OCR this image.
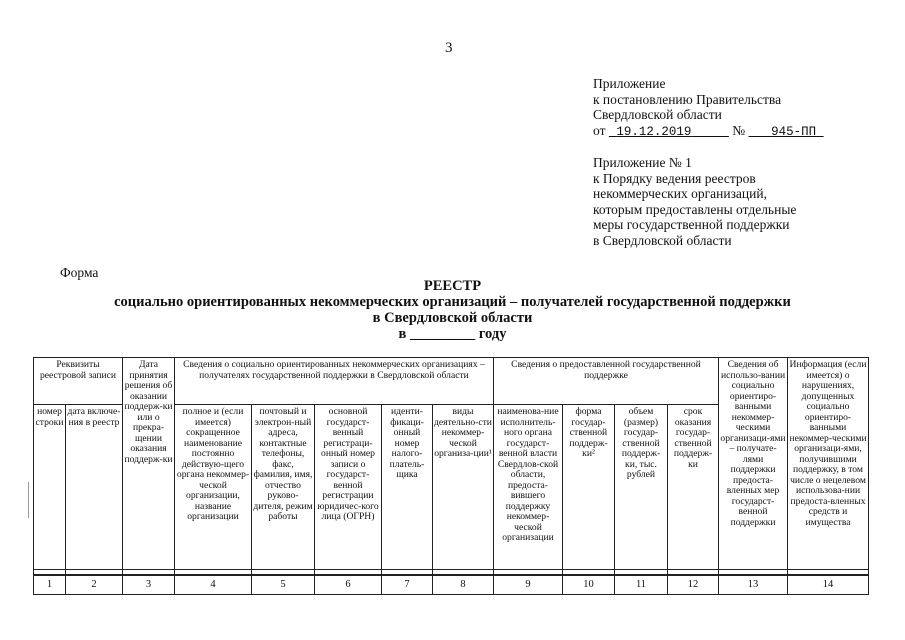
3
Приложение
к постановлению Правительства
Свердловской области
от 19.12.2019	№ 945-ПП
Приложение № 1
к Порядку ведения реестров
некоммерческих организаций,
которым предоставлены отдельные
меры государственной поддержки
в Свердловской области
Форма
РЕЕСТР
социально ориентированных некоммерческих организаций – получателей государственной поддержки
в Свердловской области
в _________ году
Реквизиты реестровой записи		Дата принятия решения об оказании поддерж-ки или о прекра-щении оказания поддерж-ки	Сведения о социально ориентированных некоммерческих организациях – получателях государственной поддержки в Свердловской области					Сведения о предоставленной государственной поддержке				Сведения об использо-вании социально ориентиро-ванными некоммер-ческими организаци-ями – получате-лями поддержки предоста-вленных мер государст-венной поддержки	Информация (если имеется) о нарушениях, допущенных социально ориентиро-ванными некоммер-ческими организаци-ями, получившими поддержку, в том числе о нецелевом использова-нии предоста-вленных средств и имущества
номер строки	дата включе-ния в реестр		полное и (если имеется) сокращенное наименование постоянно действую-щего органа некоммер-ческой организации, название организации	почтовый и электрон-ный адреса, контактные телефоны, факс, фамилия, имя, отчество руково-дителя, режим работы	основной государст-венный регистраци-онный номер записи о государст-венной регистрации юридичес-кого лица (ОГРН)	иденти-фикаци-онный номер налого-платель-щика	виды деятельно-сти некоммер-ческой организа-ции¹	наименова-ние исполнитель-ного органа государст-венной власти Свердлов-ской области, предоста-вившего поддержку некоммер-ческой организации	форма государ-ственной поддерж-ки²	объем (размер) государ-ственной поддерж-ки, тыс. рублей	срок оказания государ-ственной поддерж-ки		

1	2	3	4	5	6	7	8	9	10	11	12	13	14
